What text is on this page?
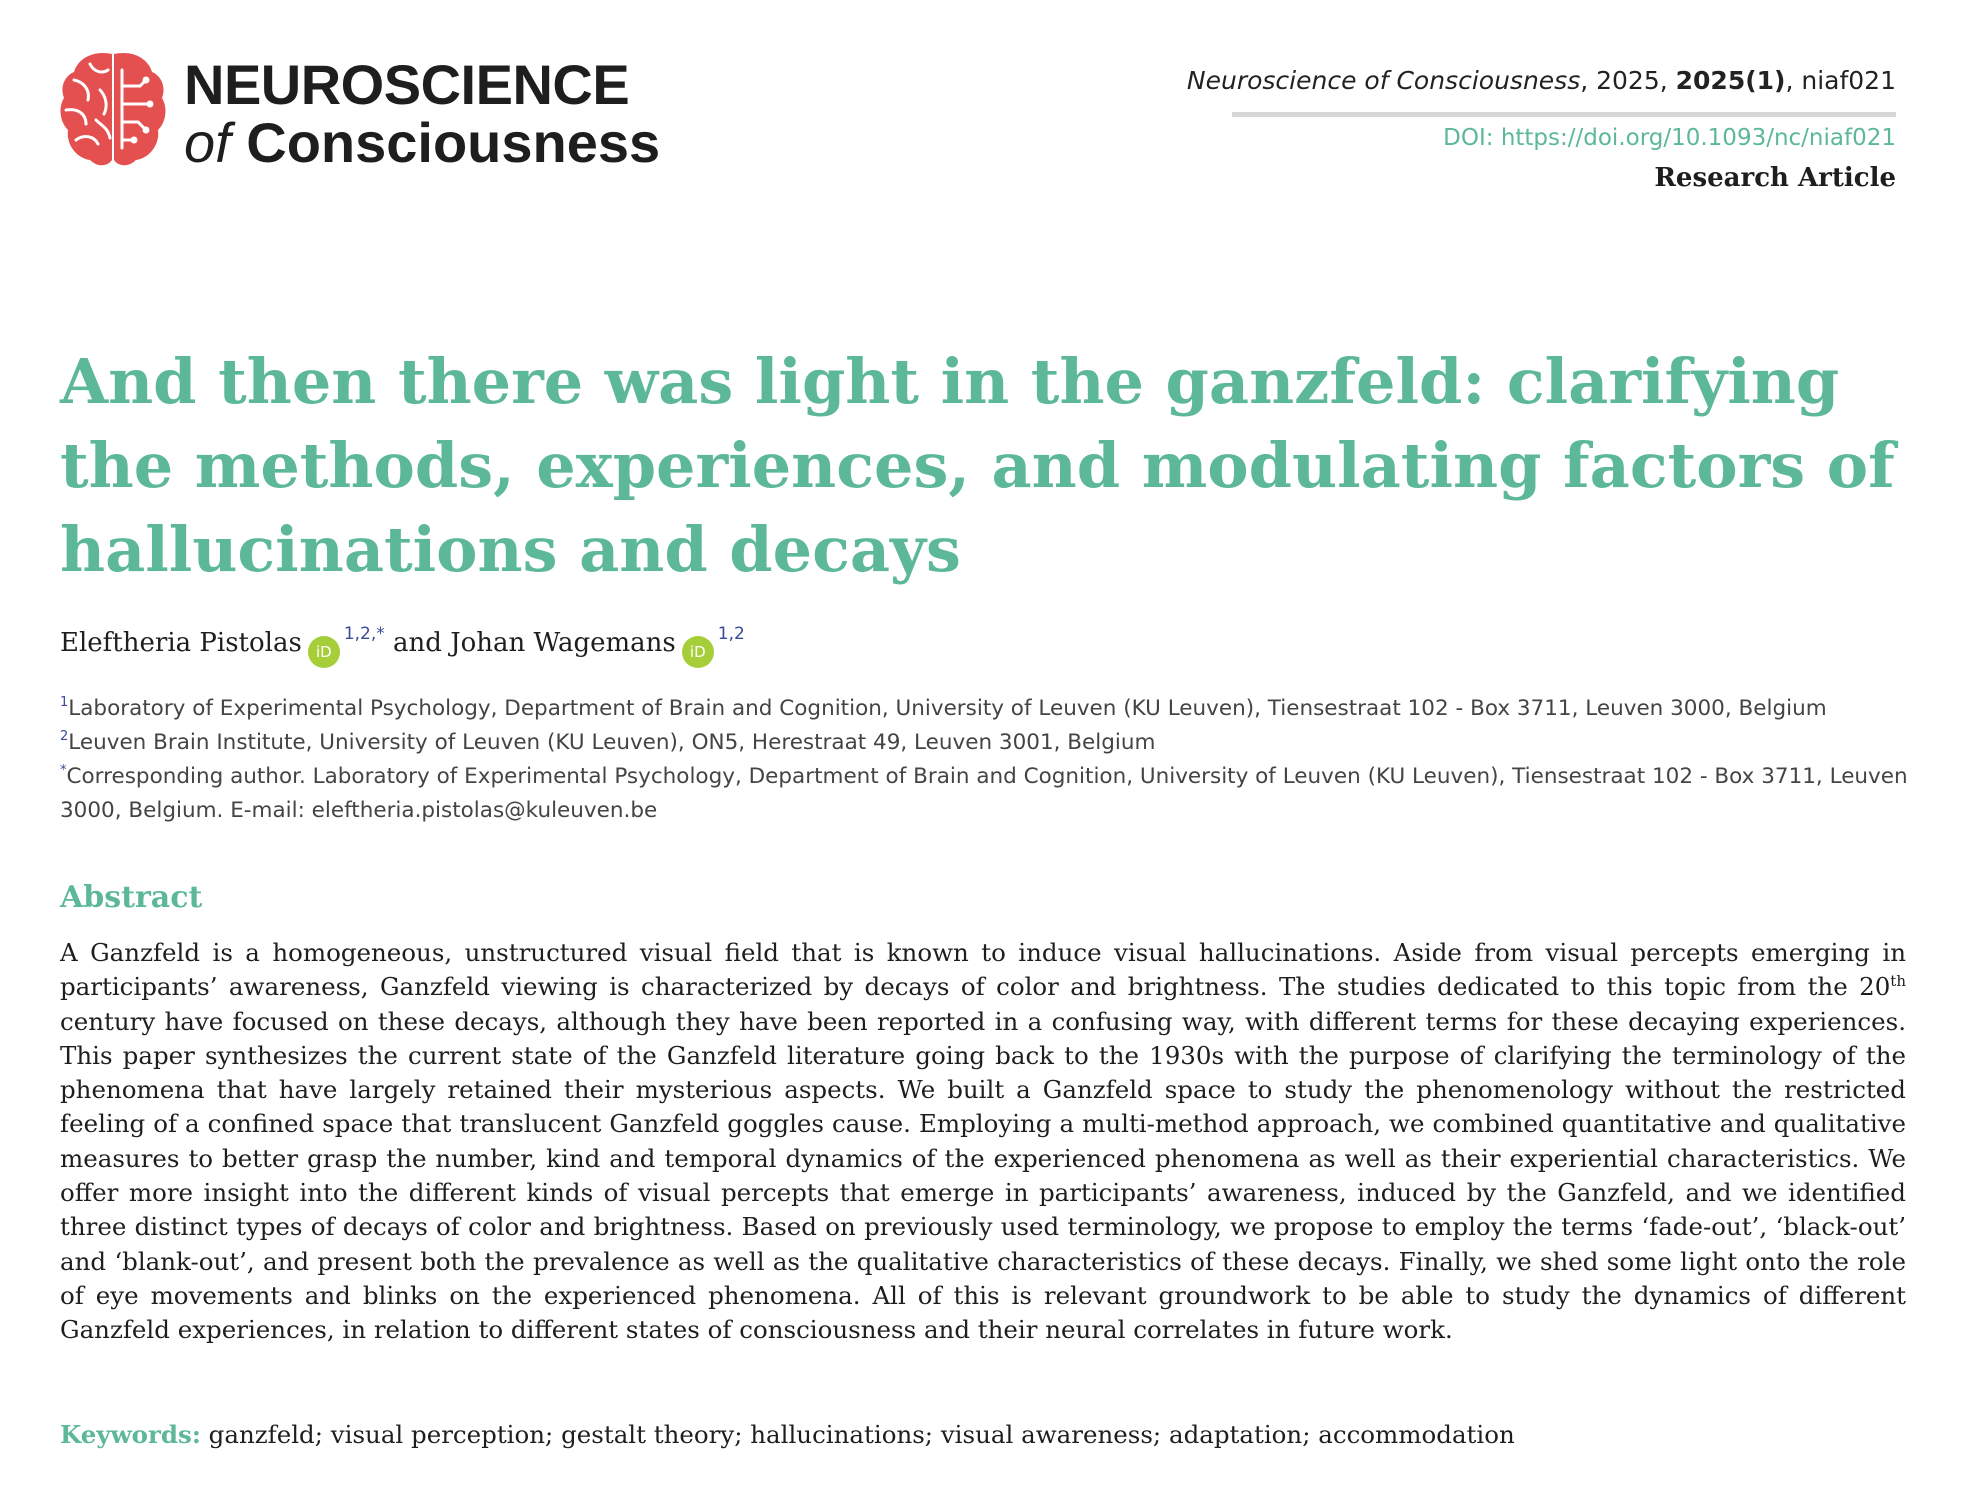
NEUROSCIENCE
of Consciousness
Neuroscience of Consciousness, 2025, 2025(1), niaf021
DOI: https://doi.org/10.1093/nc/niaf021
Research Article
And then there was light in the ganzfeld: clarifying the methods, experiences, and modulating factors of hallucinations and decays
Eleftheria Pistolas $iD^{1,2,*}$ and Johan Wagemans iD$^{1,2}$

$^1$Laboratory of Experimental Psychology, Department of Brain and Cognition, University of Leuven (KU Leuven), Tiensestraat 102 - Box 3711, Leuven 3000, Belgium

$^2$Leuven Brain Institute, University of Leuven (KU Leuven), ON5, Herestraat 49, Leuven 3001, Belgium

*Corresponding author. Laboratory of Experimental Psychology, Department of Brain and Cognition, University of Leuven (KU Leuven), Tiensestraat 102 - Box 3711, Leuven 3000, Belgium. E-mail: eleftheria.pistolas@kuleuven.be

Abstract

A Ganzfeld is a homogeneous, unstructured visual field that is known to induce visual hallucinations. Aside from visual percepts emerging in participants’ awareness, Ganzfeld viewing is characterized by decays of color and brightness. The studies dedicated to this topic from the 20th century have focused on these decays, although they have been reported in a confusing way, with different terms for these decaying experiences. This paper synthesizes the current state of the Ganzfeld literature going back to the 1930s with the purpose of clarifying the terminology of the phenomena that have largely retained their mysterious aspects. We built a Ganzfeld space to study the phenomenology without the restricted feeling of a confined space that translucent Ganzfeld goggles cause. Employing a multi-method approach, we combined quantitative and qualitative measures to better grasp the number, kind and temporal dynamics of the experienced phenomena as well as their experiential characteristics. We offer more insight into the different kinds of visual percepts that emerge in participants’ awareness, induced by the Ganzfeld, and we identified three distinct types of decays of color and brightness. Based on previously used terminology, we propose to employ the terms ‘fade-out’, ‘black-out’ and ‘blank-out’, and present both the prevalence as well as the qualitative characteristics of these decays. Finally, we shed some light onto the role of eye movements and blinks on the experienced phenomena. All of this is relevant groundwork to be able to study the dynamics of different Ganzfeld experiences, in relation to different states of consciousness and their neural correlates in future work.

Keywords: ganzfeld; visual perception; gestalt theory; hallucinations; visual awareness; adaptation; accommodation
